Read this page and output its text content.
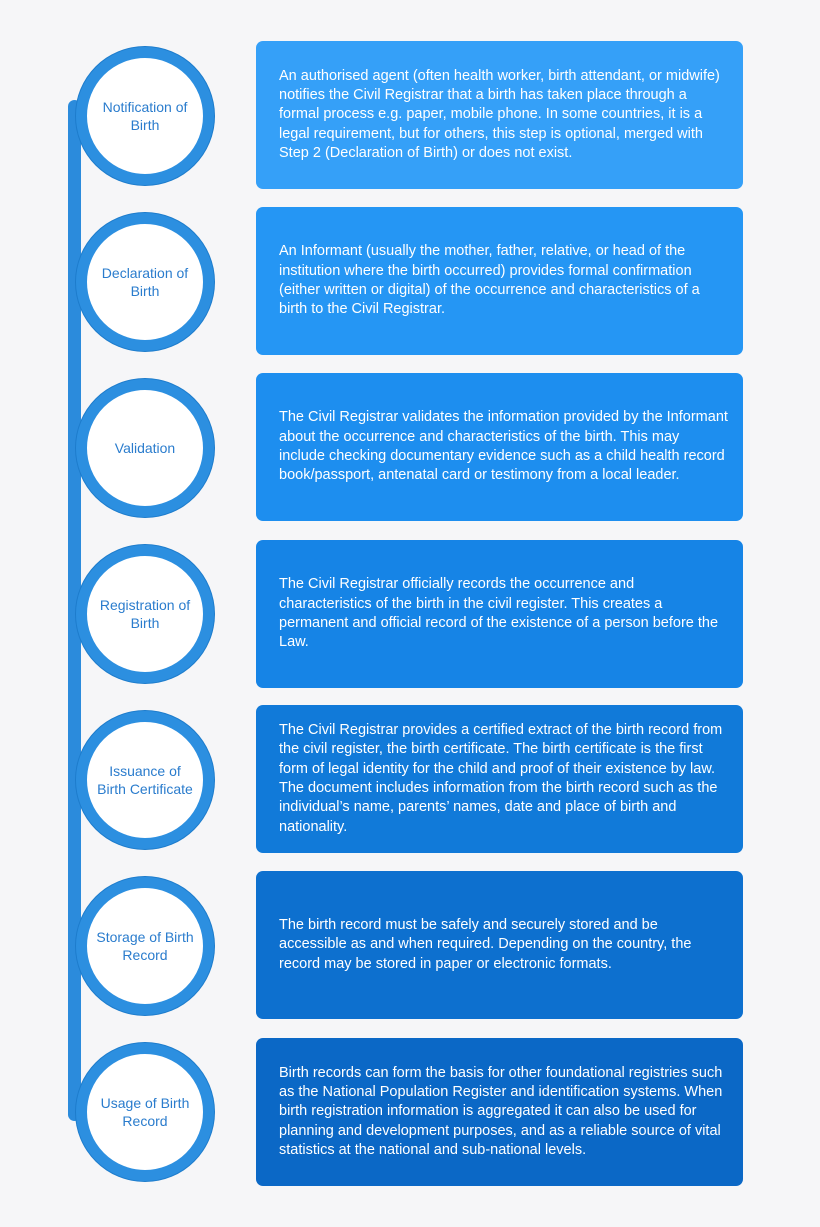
Notification of
Birth
An authorised agent (often health worker, birth attendant, or midwife) notifies the Civil Registrar that a birth has taken place through a formal process e.g. paper, mobile phone. In some countries, it is a legal requirement, but for others, this step is optional, merged with Step 2 (Declaration of Birth) or does not exist.
Declaration of
Birth
An Informant (usually the mother, father, relative, or head of the institution where the birth occurred) provides formal confirmation (either written or digital) of the occurrence and characteristics of a birth to the Civil Registrar.
Validation
The Civil Registrar validates the information provided by the Informant about the occurrence and characteristics of the birth. This may include checking documentary evidence such as a child health record book/passport, antenatal card or testimony from a local leader.
Registration of
Birth
The Civil Registrar officially records the occurrence and characteristics of the birth in the civil register. This creates a permanent and official record of the existence of a person before the Law.
Issuance of
Birth Certificate
The Civil Registrar provides a certified extract of the birth record from the civil register, the birth certificate. The birth certificate is the first form of legal identity for the child and proof of their existence by law. The document includes information from the birth record such as the individual’s name, parents’ names, date and place of birth and nationality.
Storage of Birth
Record
The birth record must be safely and securely stored and be accessible as and when required. Depending on the country, the record may be stored in paper or electronic formats.
Usage of Birth
Record
Birth records can form the basis for other foundational registries such as the National Population Register and identification systems. When birth registration information is aggregated it can also be used for planning and development purposes, and as a reliable source of vital statistics at the national and sub-national levels.
